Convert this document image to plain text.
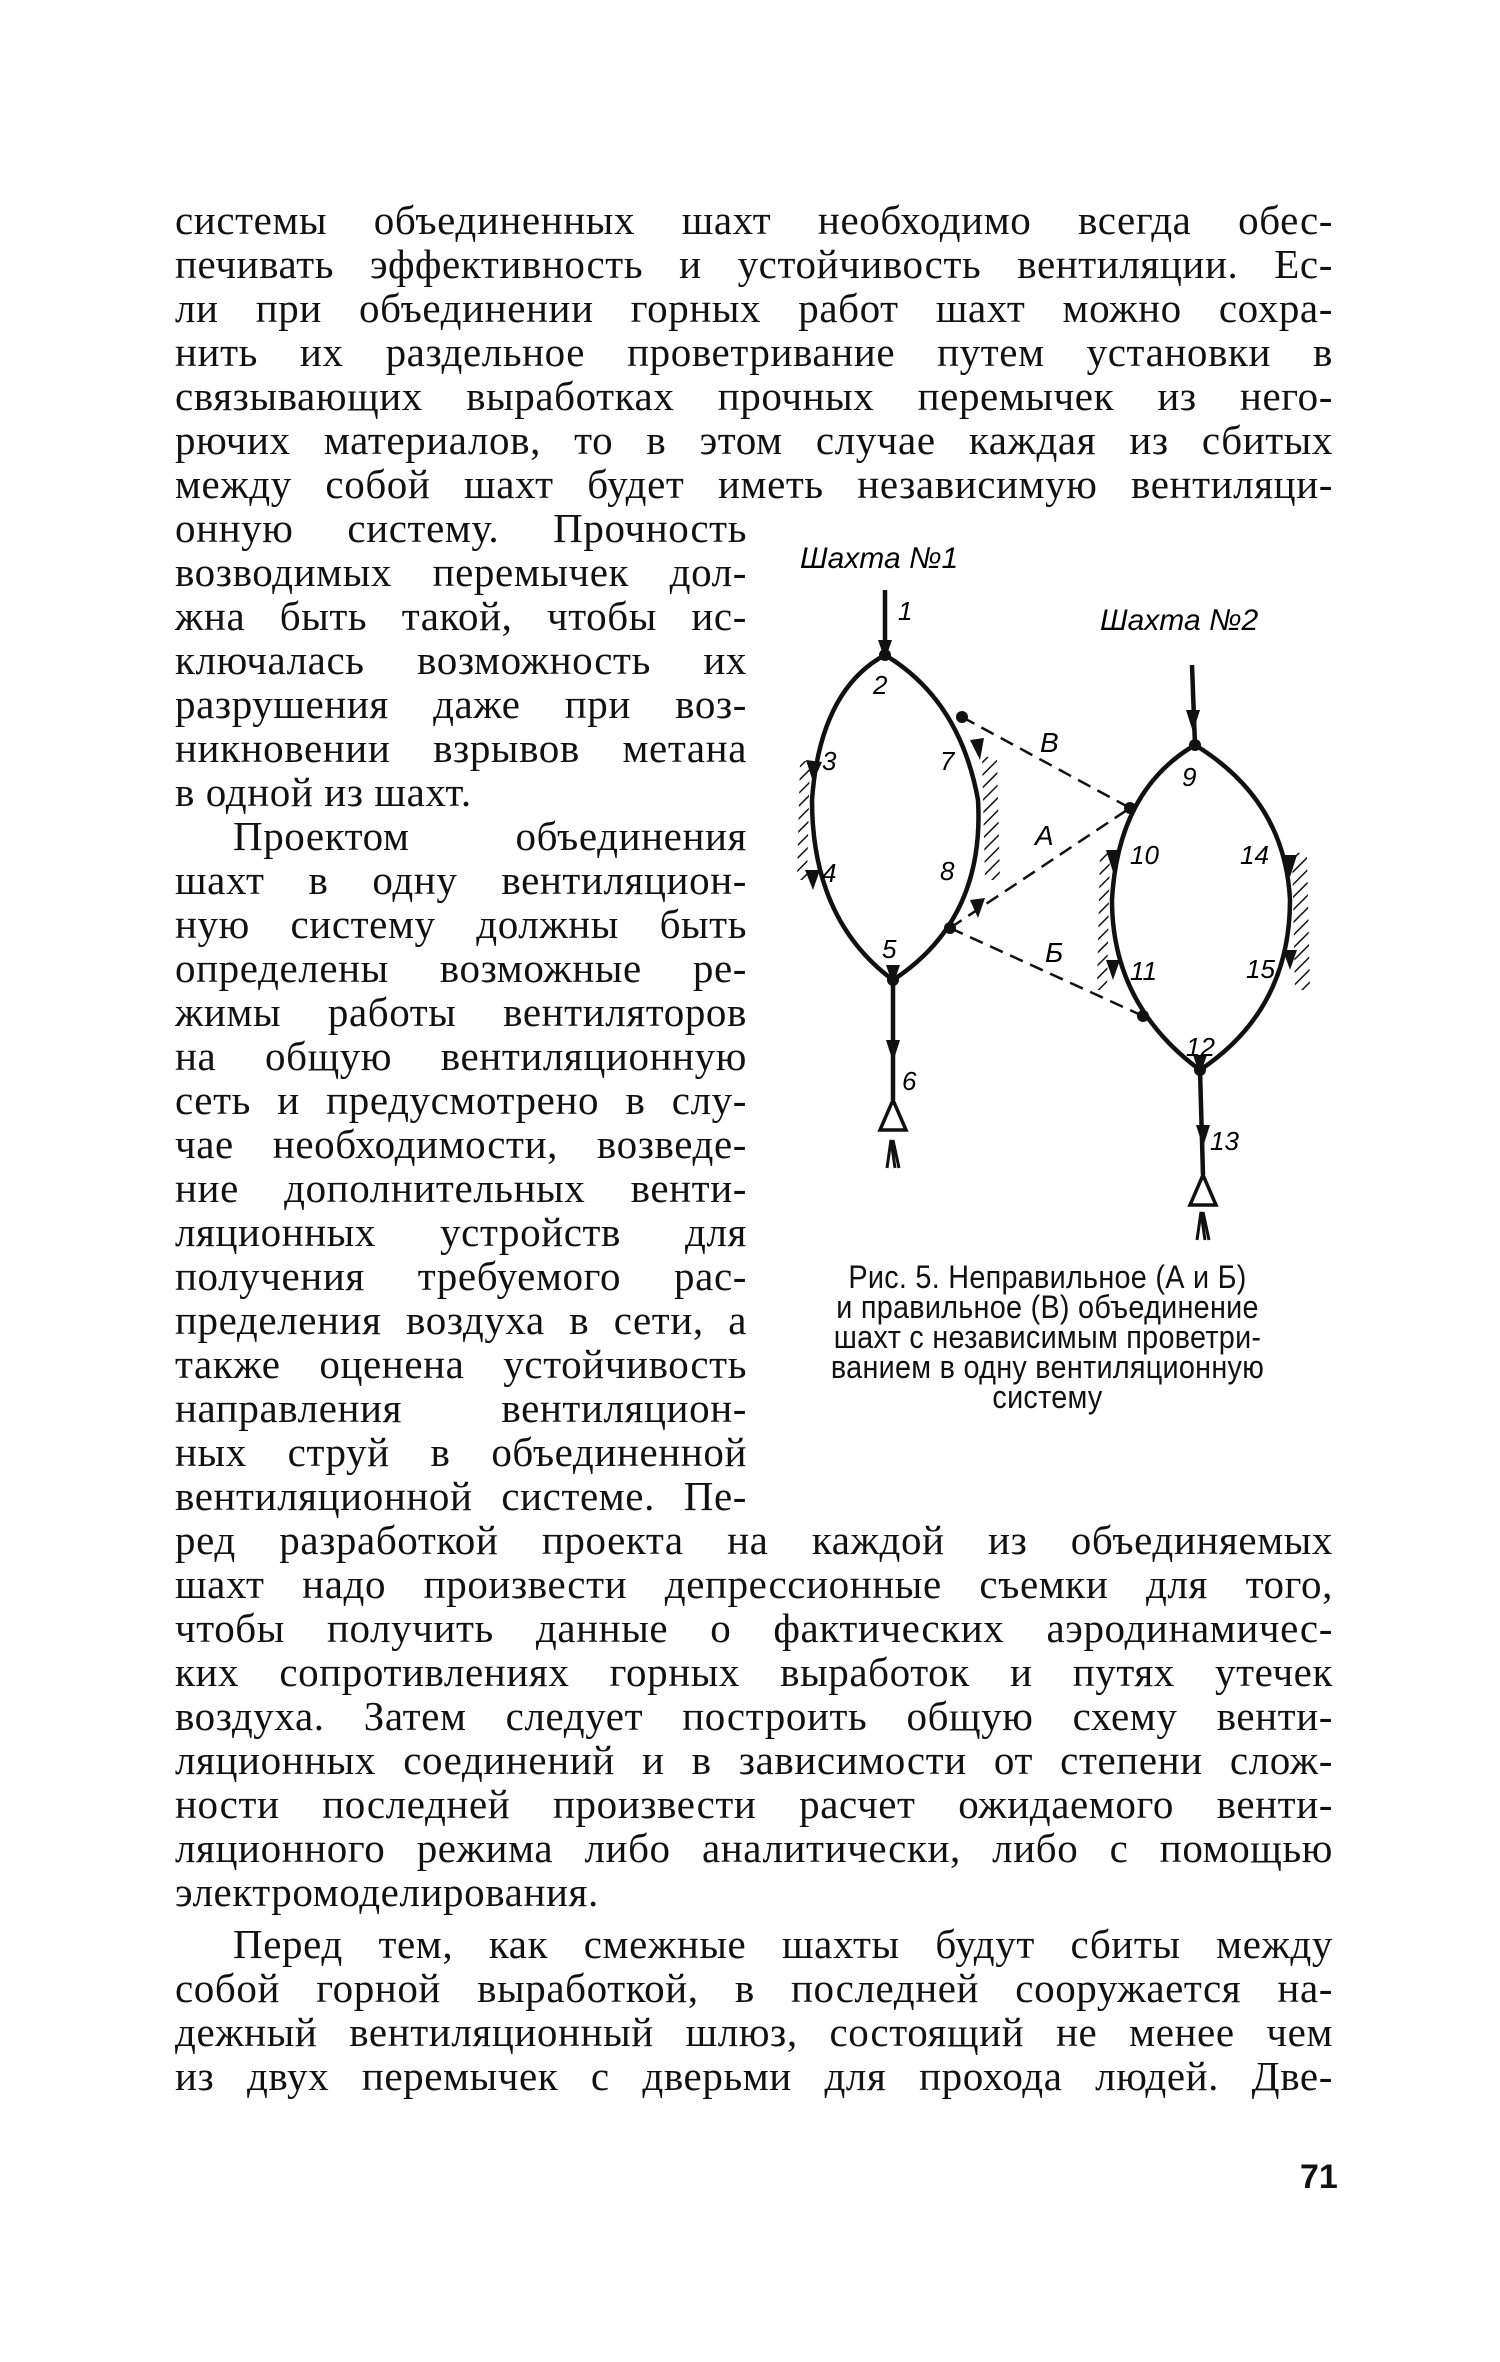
системы объединенных шахт необходимо всегда обес-
печивать эффективность и устойчивость вентиляции. Ес-
ли при объединении горных работ шахт можно сохра-
нить их раздельное проветривание путем установки в
связывающих выработках прочных перемычек из него-
рючих материалов, то в этом случае каждая из сбитых
между собой шахт будет иметь независимую вентиляци-
онную систему. Прочность
возводимых перемычек дол-
жна быть такой, чтобы ис-
ключалась возможность их
разрушения даже при воз-
никновении взрывов метана
в одной из шахт.
Проектом объединения
шахт в одну вентиляцион-
ную систему должны быть
определены возможные ре-
жимы работы вентиляторов
на общую вентиляционную
сеть и предусмотрено в слу-
чае необходимости, возведе-
ние дополнительных венти-
ляционных устройств для
получения требуемого рас-
пределения воздуха в сети, а
также оценена устойчивость
направления вентиляцион-
ных струй в объединенной
вентиляционной системе. Пе-
ред разработкой проекта на каждой из объединяемых
шахт надо произвести депрессионные съемки для того,
чтобы получить данные о фактических аэродинамичес-
ких сопротивлениях горных выработок и путях утечек
воздуха. Затем следует построить общую схему венти-
ляционных соединений и в зависимости от степени слож-
ности последней произвести расчет ожидаемого венти-
ляционного режима либо аналитически, либо с помощью
электромоделирования.
Перед тем, как смежные шахты будут сбиты между
собой горной выработкой, в последней сооружается на-
дежный вентиляционный шлюз, состоящий не менее чем
из двух перемычек с дверьми для прохода людей. Две-
Шахта №1
Шахта №2
1
2
3
4
5
6
7
8
9
10
11
12
13
14
15
В
А
Б
Рис. 5. Неправильное (А и Б)
и правильное (В) объединение
шахт с независимым проветри-
ванием в одну вентиляционную
систему
71
